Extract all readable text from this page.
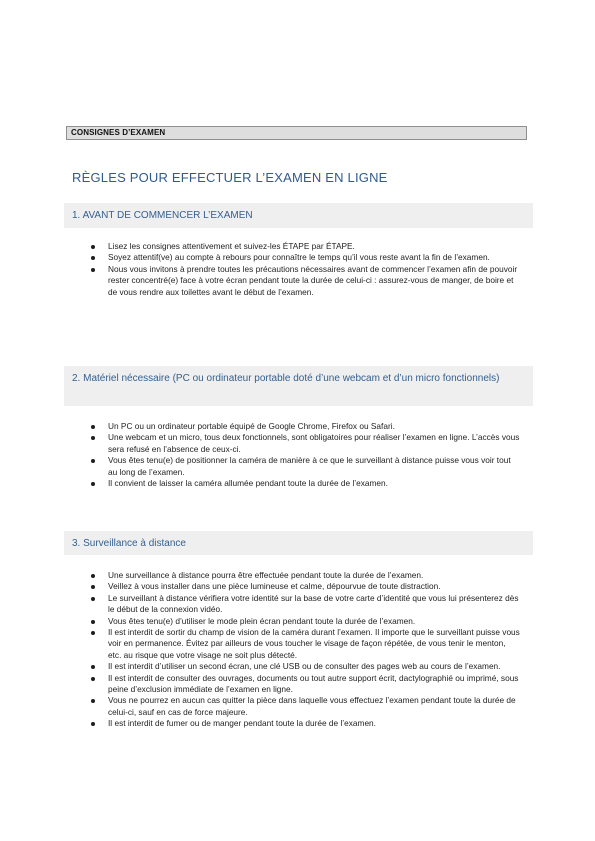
CONSIGNES D’EXAMEN
RÈGLES POUR EFFECTUER L’EXAMEN EN LIGNE
1. AVANT DE COMMENCER L’EXAMEN
Lisez les consignes attentivement et suivez-les ÉTAPE par ÉTAPE.
Soyez attentif(ve) au compte à rebours pour connaître le temps qu’il vous reste avant la fin de l’examen.
Nous vous invitons à prendre toutes les précautions nécessaires avant de commencer l’examen afin de pouvoir rester concentré(e) face à votre écran pendant toute la durée de celui-ci : assurez-vous de manger, de boire et de vous rendre aux toilettes avant le début de l’examen.
2. Matériel nécessaire (PC ou ordinateur portable doté d’une webcam et d’un micro fonctionnels)
Un PC ou un ordinateur portable équipé de Google Chrome, Firefox ou Safari.
Une webcam et un micro, tous deux fonctionnels, sont obligatoires pour réaliser l’examen en ligne. L’accès vous sera refusé en l’absence de ceux-ci.
Vous êtes tenu(e) de positionner la caméra de manière à ce que le surveillant à distance puisse vous voir tout au long de l’examen.
Il convient de laisser la caméra allumée pendant toute la durée de l’examen.
3. Surveillance à distance
Une surveillance à distance pourra être effectuée pendant toute la durée de l’examen.
Veillez à vous installer dans une pièce lumineuse et calme, dépourvue de toute distraction.
Le surveillant à distance vérifiera votre identité sur la base de votre carte d’identité que vous lui présenterez dès le début de la connexion vidéo.
Vous êtes tenu(e) d’utiliser le mode plein écran pendant toute la durée de l’examen.
Il est interdit de sortir du champ de vision de la caméra durant l’examen. Il importe que le surveillant puisse vous voir en permanence. Évitez par ailleurs de vous toucher le visage de façon répétée, de vous tenir le menton, etc. au risque que votre visage ne soit plus détecté.
Il est interdit d’utiliser un second écran, une clé USB ou de consulter des pages web au cours de l’examen.
Il est interdit de consulter des ouvrages, documents ou tout autre support écrit, dactylographié ou imprimé, sous peine d’exclusion immédiate de l’examen en ligne.
Vous ne pourrez en aucun cas quitter la pièce dans laquelle vous effectuez l’examen pendant toute la durée de celui-ci, sauf en cas de force majeure.
Il est interdit de fumer ou de manger pendant toute la durée de l’examen.
